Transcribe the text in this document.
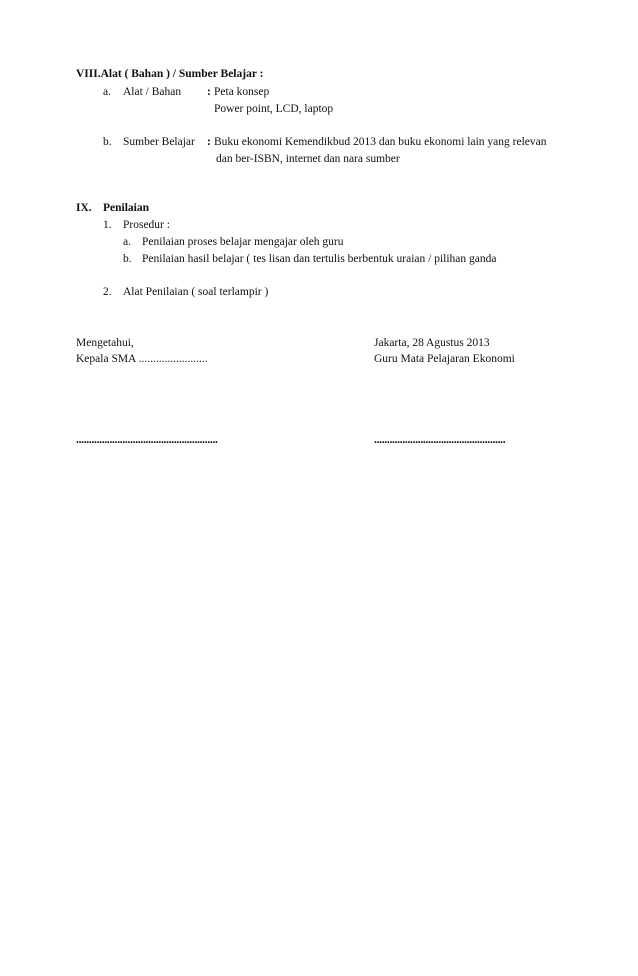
VIII.Alat ( Bahan ) / Sumber Belajar :
a. Alat / Bahan : Peta konsep
Power point, LCD, laptop
b. Sumber Belajar : Buku ekonomi Kemendikbud 2013 dan buku ekonomi lain yang relevan
dan ber-ISBN, internet dan nara sumber
IX. Penilaian
1. Prosedur :
a. Penilaian proses belajar mengajar oleh guru
b. Penilaian hasil belajar ( tes lisan dan tertulis berbentuk uraian / pilihan ganda
2. Alat Penilaian ( soal terlampir )
Mengetahui,
Kepala SMA ........................
.......................................................
Jakarta, 28 Agustus 2013
Guru Mata Pelajaran Ekonomi
...................................................
